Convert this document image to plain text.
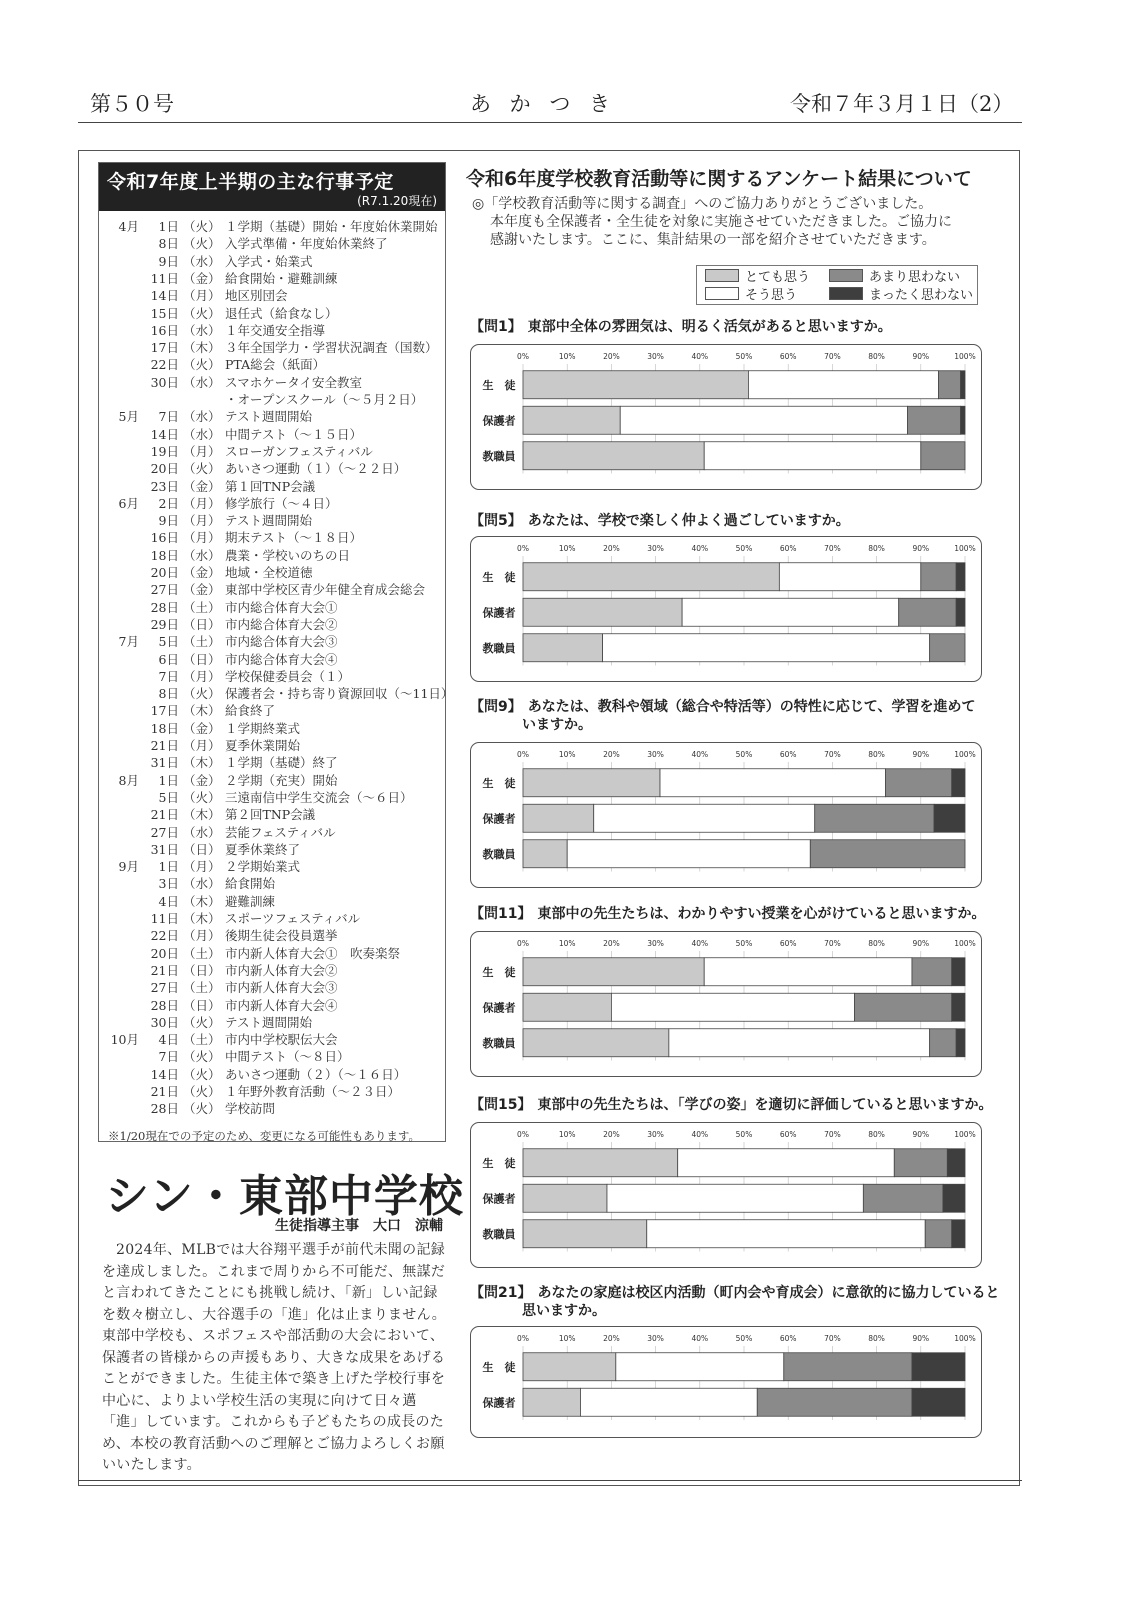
第５０号	あ か つ き	令和７年３月１日（2）
令和7年度上半期の主な行事予定
(R7.1.20現在)
4月	1日 （火） １学期（基礎）開始・年度始休業開始
8日 （火） 入学式準備・年度始休業終了
9日 （水） 入学式・始業式
11日 （金） 給食開始・避難訓練
14日 （月） 地区別団会
15日 （火） 退任式（給食なし）
16日 （水） １年交通安全指導
17日 （木） ３年全国学力・学習状況調査（国数）
22日 （火） PTA総会（紙面）
30日 （水） スマホケータイ安全教室
・オープンスクール（～５月２日）
5月	7日 （水） テスト週間開始
14日 （水） 中間テスト（～１５日）
19日 （月） スローガンフェスティバル
20日 （火） あいさつ運動（１）（～２２日）
23日 （金） 第１回TNP会議
6月	2日 （月） 修学旅行（～４日）
9日 （月） テスト週間開始
16日 （月） 期末テスト（～１８日）
18日 （水） 農業・学校いのちの日
20日 （金） 地域・全校道徳
27日 （金） 東部中学校区青少年健全育成会総会
28日 （土） 市内総合体育大会①
29日 （日） 市内総合体育大会②
7月	5日 （土） 市内総合体育大会③
6日 （日） 市内総合体育大会④
7日 （月） 学校保健委員会（１）
8日 （火） 保護者会・持ち寄り資源回収（～11日）
17日 （木） 給食終了
18日 （金） １学期終業式
21日 （月） 夏季休業開始
31日 （木） １学期（基礎）終了
8月	1日 （金） ２学期（充実）開始
5日 （火） 三遠南信中学生交流会（～６日）
21日 （木） 第２回TNP会議
27日 （水） 芸能フェスティバル
31日 （日） 夏季休業終了
9月	1日 （月） ２学期始業式
3日 （水） 給食開始
4日 （木） 避難訓練
11日 （木） スポーツフェスティバル
22日 （月） 後期生徒会役員選挙
20日 （土） 市内新人体育大会①　吹奏楽祭
21日 （日） 市内新人体育大会②
27日 （土） 市内新人体育大会③
28日 （日） 市内新人体育大会④
30日 （火） テスト週間開始
10月	4日 （土） 市内中学校駅伝大会
7日 （火） 中間テスト（～８日）
14日 （火） あいさつ運動（２）（～１６日）
21日 （火） １年野外教育活動（～２３日）
28日 （火） 学校訪問
※1/20現在での予定のため、変更になる可能性もあります。
シン・東部中学校
生徒指導主事　大口　涼輔

2024年、MLBでは大谷翔平選手が前代未聞の記録を達成しました。これまで周りから不可能だ、無謀だと言われてきたことにも挑戦し続け、「新」しい記録を数々樹立し、大谷選手の「進」化は止まりません。東部中学校も、スポフェスや部活動の大会において、保護者の皆様からの声援もあり、大きな成果をあげることができました。生徒主体で築き上げた学校行事を中心に、よりよい学校生活の実現に向けて日々邁「進」しています。これからも子どもたちの成長のため、本校の教育活動へのご理解とご協力よろしくお願いいたします。

令和6年度学校教育活動等に関するアンケート結果について

◎「学校教育活動等に関する調査」へのご協力ありがとうございました。

本年度も全保護者・全生徒を対象に実施させていただきました。ご協力に

感謝いたします。ここに、集計結果の一部を紹介させていただきます。

とても思う
そう思う
あまり思わない
まったく思わない
【問1】 東部中全体の雰囲気は、明るく活気があると思いますか。
0%	10%	20%	30%	40%	50%	60%	70%	80%	90%	100%
生　徒
保護者
教職員
【問5】 あなたは、学校で楽しく仲よく過ごしていますか。
0%	10%	20%	30%	40%	50%	60%	70%	80%	90%	100%
生　徒
保護者
教職員
【問9】 あなたは、教科や領域（総合や特活等）の特性に応じて、学習を進めて
いますか。
0%	10%	20%	30%	40%	50%	60%	70%	80%	90%	100%
生　徒
保護者
教職員
【問11】 東部中の先生たちは、わかりやすい授業を心がけていると思いますか。
0%	10%	20%	30%	40%	50%	60%	70%	80%	90%	100%
生　徒
保護者
教職員
【問15】 東部中の先生たちは、「学びの姿」を適切に評価していると思いますか。
0%	10%	20%	30%	40%	50%	60%	70%	80%	90%	100%
生　徒
保護者
教職員
【問21】 あなたの家庭は校区内活動（町内会や育成会）に意欲的に協力していると
思いますか。
0%	10%	20%	30%	40%	50%	60%	70%	80%	90%	100%
生　徒
保護者
